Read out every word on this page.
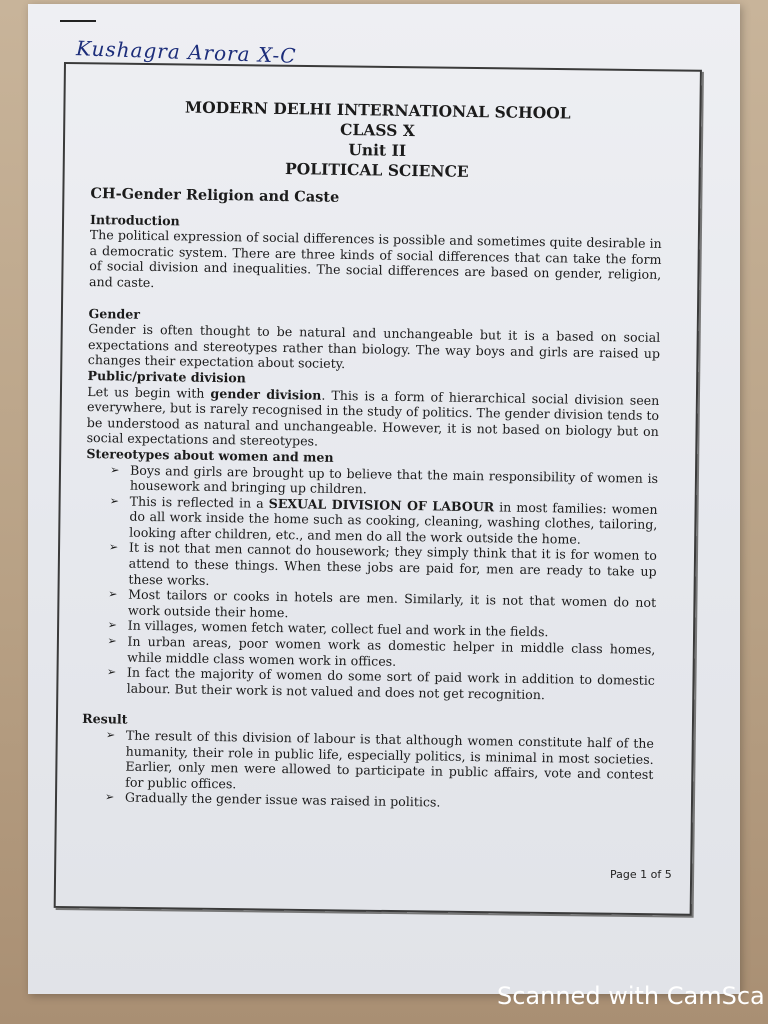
Kushagra Arora X-C
MODERN DELHI INTERNATIONAL SCHOOL
CLASS X
Unit II
POLITICAL SCIENCE
CH-Gender Religion and Caste
Introduction

The political expression of social differences is possible and sometimes quite desirable in a democratic system. There are three kinds of social differences that can take the form of social division and inequalities. The social differences are based on gender, religion, and caste.

Gender

Gender is often thought to be natural and unchangeable but it is a based on social expectations and stereotypes rather than biology. The way boys and girls are raised up changes their expectation about society.

Public/private division

Let us begin with gender division. This is a form of hierarchical social division seen everywhere, but is rarely recognised in the study of politics. The gender division tends to be understood as natural and unchangeable. However, it is not based on biology but on social expectations and stereotypes.

Stereotypes about women and men
➢ Boys and girls are brought up to believe that the main responsibility of women is housework and bringing up children.
➢ This is reflected in a SEXUAL DIVISION OF LABOUR in most families: women do all work inside the home such as cooking, cleaning, washing clothes, tailoring, looking after children, etc., and men do all the work outside the home.
➢ It is not that men cannot do housework; they simply think that it is for women to attend to these things. When these jobs are paid for, men are ready to take up these works.
➢ Most tailors or cooks in hotels are men. Similarly, it is not that women do not work outside their home.
➢ In villages, women fetch water, collect fuel and work in the fields.
➢ In urban areas, poor women work as domestic helper in middle class homes, while middle class women work in offices.
➢ In fact the majority of women do some sort of paid work in addition to domestic labour. But their work is not valued and does not get recognition.
Result
➢ The result of this division of labour is that although women constitute half of the humanity, their role in public life, especially politics, is minimal in most societies. Earlier, only men were allowed to participate in public affairs, vote and contest for public offices.
➢ Gradually the gender issue was raised in politics.
Page 1 of 5
Scanned with CamSca
